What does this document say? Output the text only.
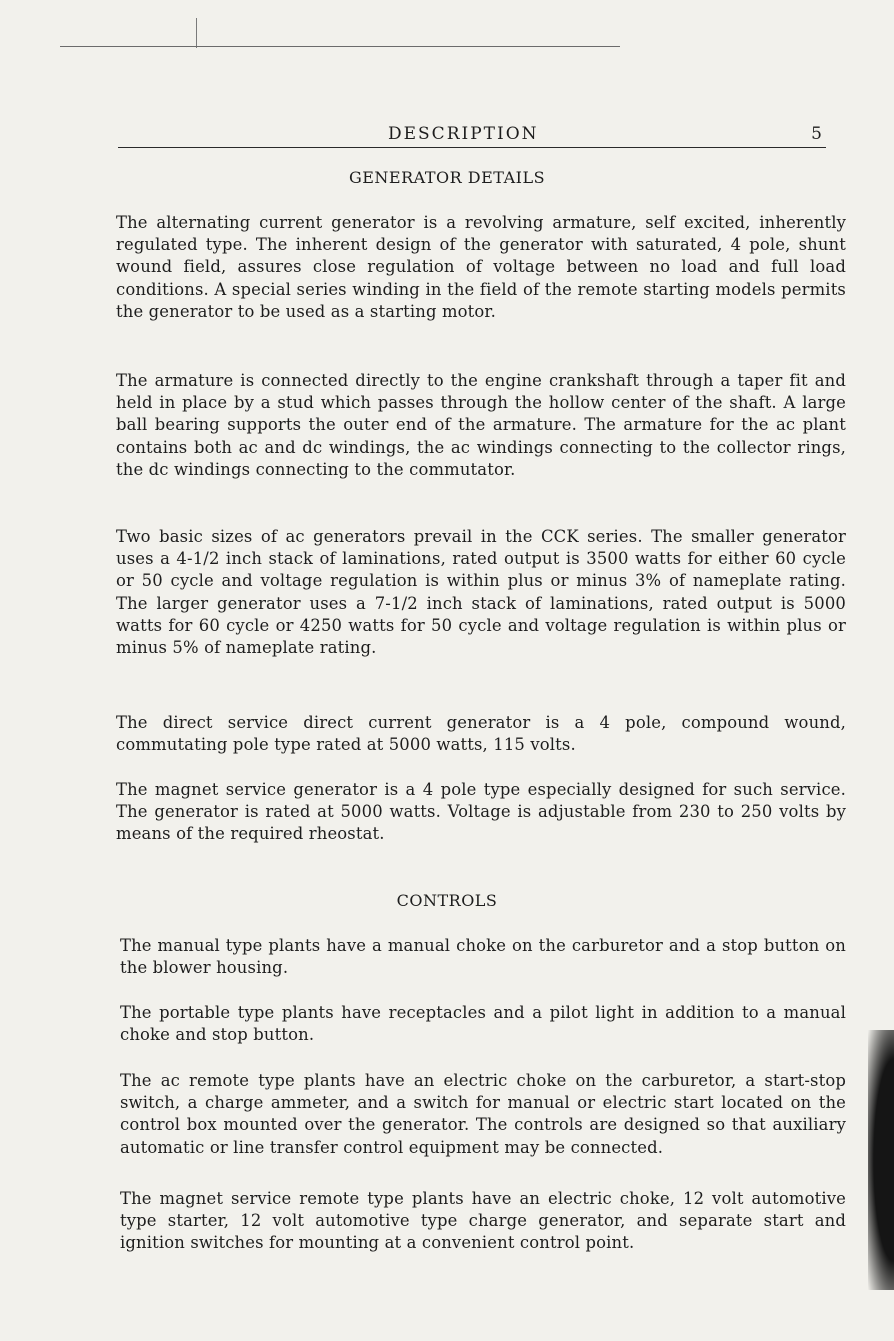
DESCRIPTION	5
GENERATOR DETAILS

The alternating current generator is a revolving armature, self excited, inherently regulated type. The inherent design of the generator with saturated, 4 pole, shunt wound field, assures close regulation of voltage between no load and full load conditions. A special series winding in the field of the remote starting models permits the generator to be used as a starting motor.

The armature is connected directly to the engine crankshaft through a taper fit and held in place by a stud which passes through the hollow center of the shaft. A large ball bearing supports the outer end of the armature. The armature for the ac plant contains both ac and dc windings, the ac windings connecting to the collector rings, the dc windings connecting to the commutator.

Two basic sizes of ac generators prevail in the CCK series. The smaller generator uses a 4-1/2 inch stack of laminations, rated output is 3500 watts for either 60 cycle or 50 cycle and voltage regulation is within plus or minus 3% of nameplate rating. The larger generator uses a 7-1/2 inch stack of laminations, rated output is 5000 watts for 60 cycle or 4250 watts for 50 cycle and voltage regulation is within plus or minus 5% of nameplate rating.

The direct service direct current generator is a 4 pole, compound wound, commutating pole type rated at 5000 watts, 115 volts.

The magnet service generator is a 4 pole type especially designed for such service. The generator is rated at 5000 watts. Voltage is adjustable from 230 to 250 volts by means of the required rheostat.

CONTROLS

The manual type plants have a manual choke on the carburetor and a stop button on the blower housing.

The portable type plants have receptacles and a pilot light in addition to a manual choke and stop button.

The ac remote type plants have an electric choke on the carburetor, a start-stop switch, a charge ammeter, and a switch for manual or electric start located on the control box mounted over the generator. The controls are designed so that auxiliary automatic or line transfer control equipment may be connected.

The magnet service remote type plants have an electric choke, 12 volt automotive type starter, 12 volt automotive type charge generator, and separate start and ignition switches for mounting at a convenient control point.
